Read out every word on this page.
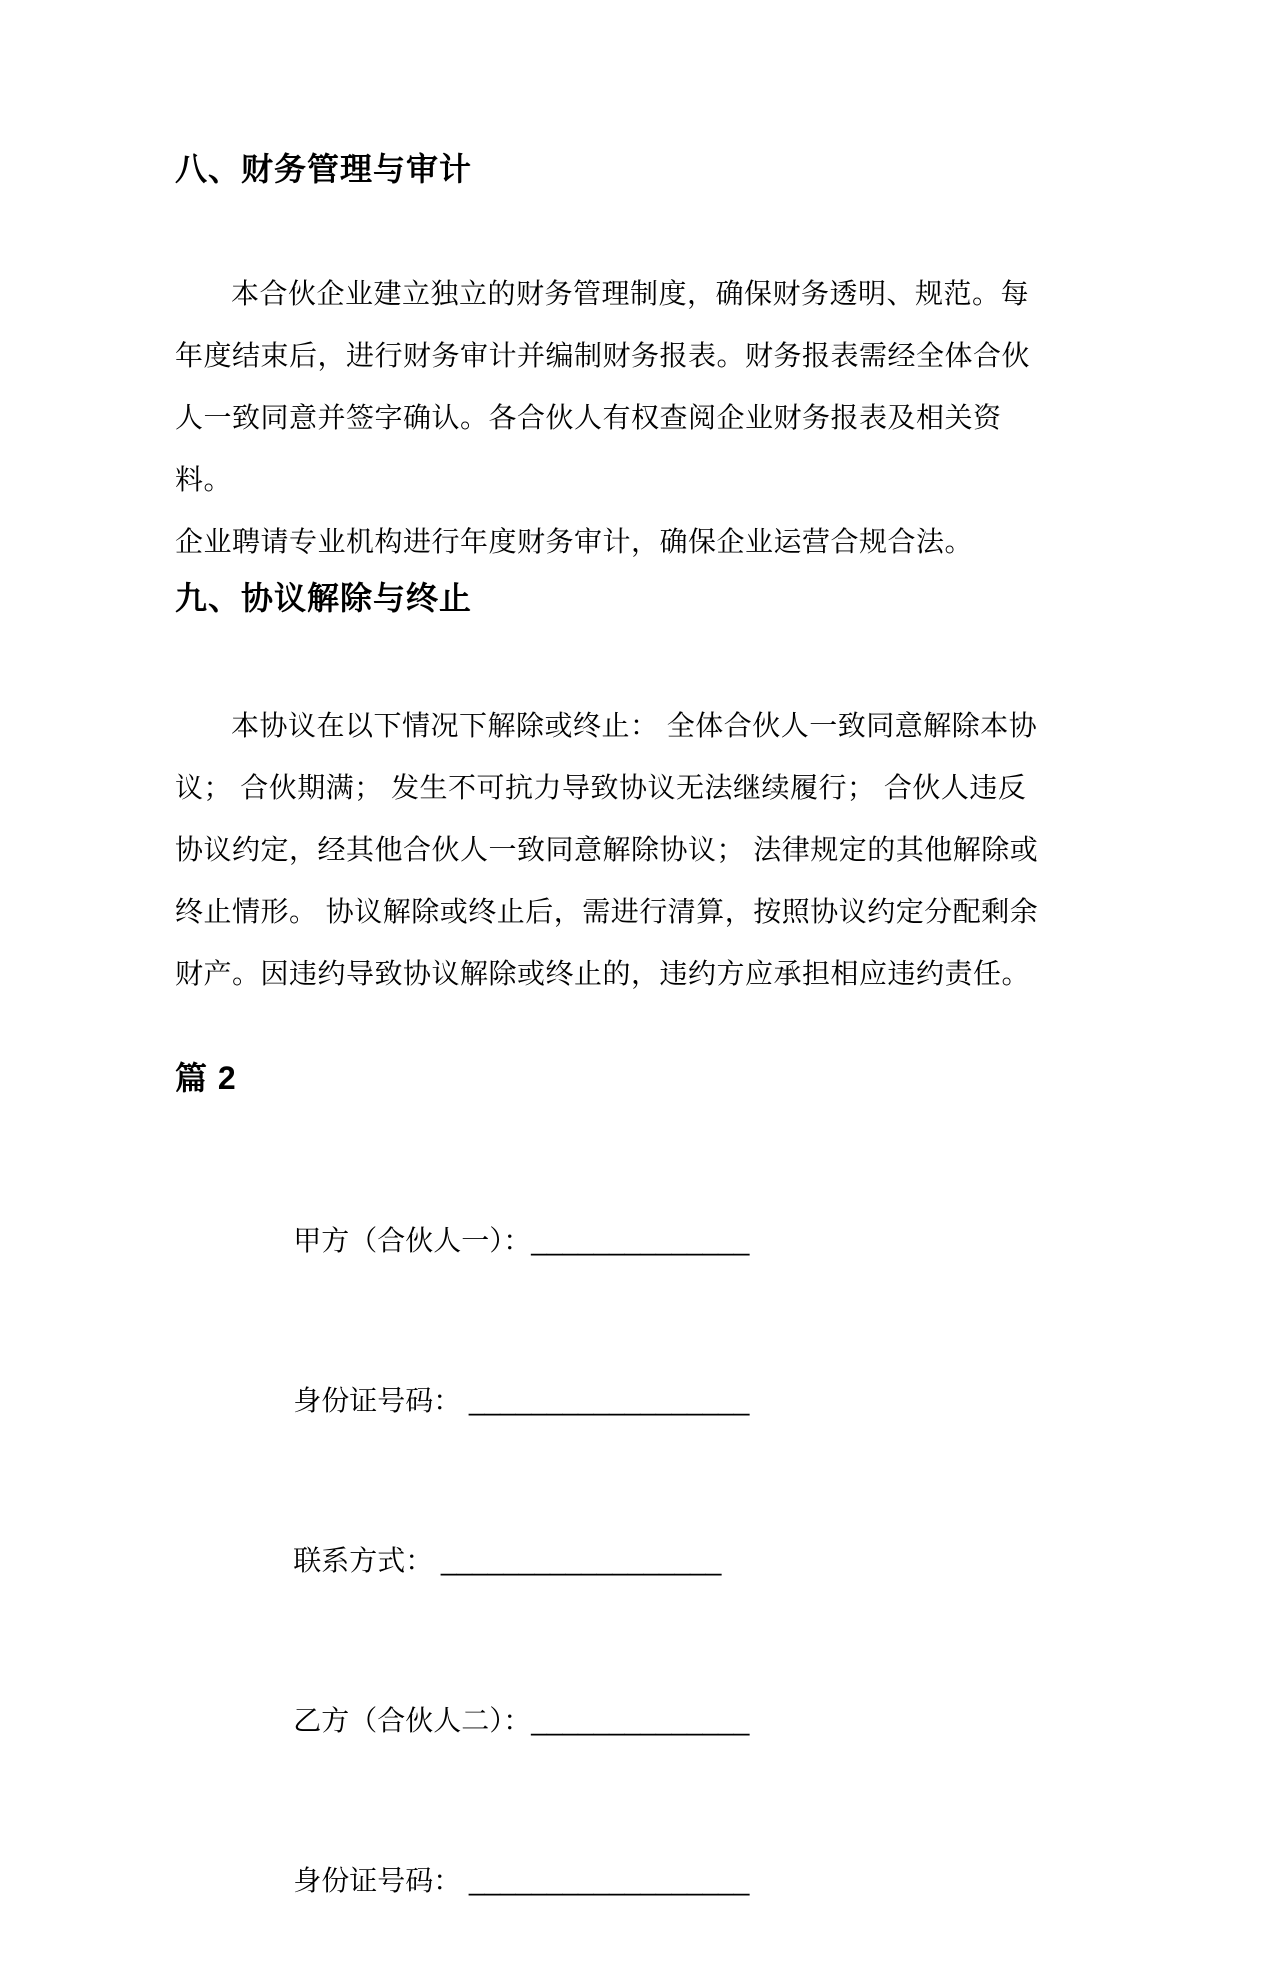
八、财务管理与审计
本合伙企业建立独立的财务管理制度，确保财务透明、规范。每
年度结束后，进行财务审计并编制财务报表。财务报表需经全体合伙
人一致同意并签字确认。各合伙人有权查阅企业财务报表及相关资料。
企业聘请专业机构进行年度财务审计，确保企业运营合规合法。
九、协议解除与终止
本协议在以下情况下解除或终止： 全体合伙人一致同意解除本协
议； 合伙期满； 发生不可抗力导致协议无法继续履行； 合伙人违反
协议约定，经其他合伙人一致同意解除协议； 法律规定的其他解除或
终止情形。 协议解除或终止后，需进行清算，按照协议约定分配剩余
财产。因违约导致协议解除或终止的，违约方应承担相应违约责任。
篇 2

甲方（合伙人一）：______________

身份证号码： __________________

联系方式： __________________

乙方（合伙人二）：______________

身份证号码： __________________
